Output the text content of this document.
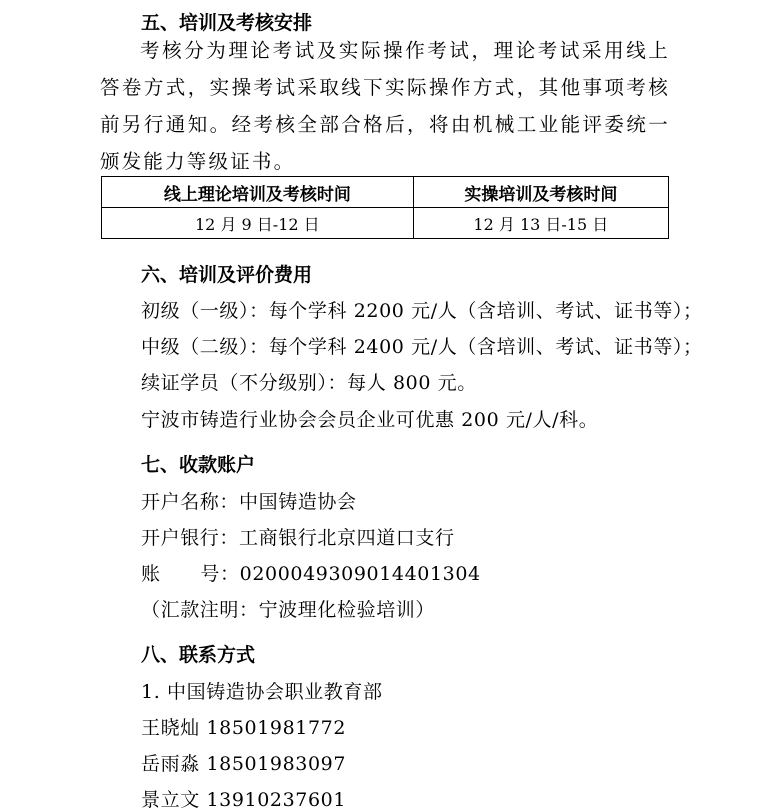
五、培训及考核安排
考核分为理论考试及实际操作考试，理论考试采用线上答卷方式，实操考试采取线下实际操作方式，其他事项考核前另行通知。经考核全部合格后，将由机械工业能评委统一颁发能力等级证书。
线上理论培训及考核时间	实操培训及考核时间
12 月 9 日-12 日	12 月 13 日-15 日
六、培训及评价费用
初级（一级）：每个学科 2200 元/人（含培训、考试、证书等）；
中级（二级）：每个学科 2400 元/人（含培训、考试、证书等）；
续证学员（不分级别）：每人 800 元。
宁波市铸造行业协会会员企业可优惠 200 元/人/科。
七、收款账户
开户名称：中国铸造协会
开户银行：工商银行北京四道口支行
账      号：0200049309014401304
（汇款注明：宁波理化检验培训）
八、联系方式
1. 中国铸造协会职业教育部
王晓灿 18501981772
岳雨淼 18501983097
景立文 13910237601
